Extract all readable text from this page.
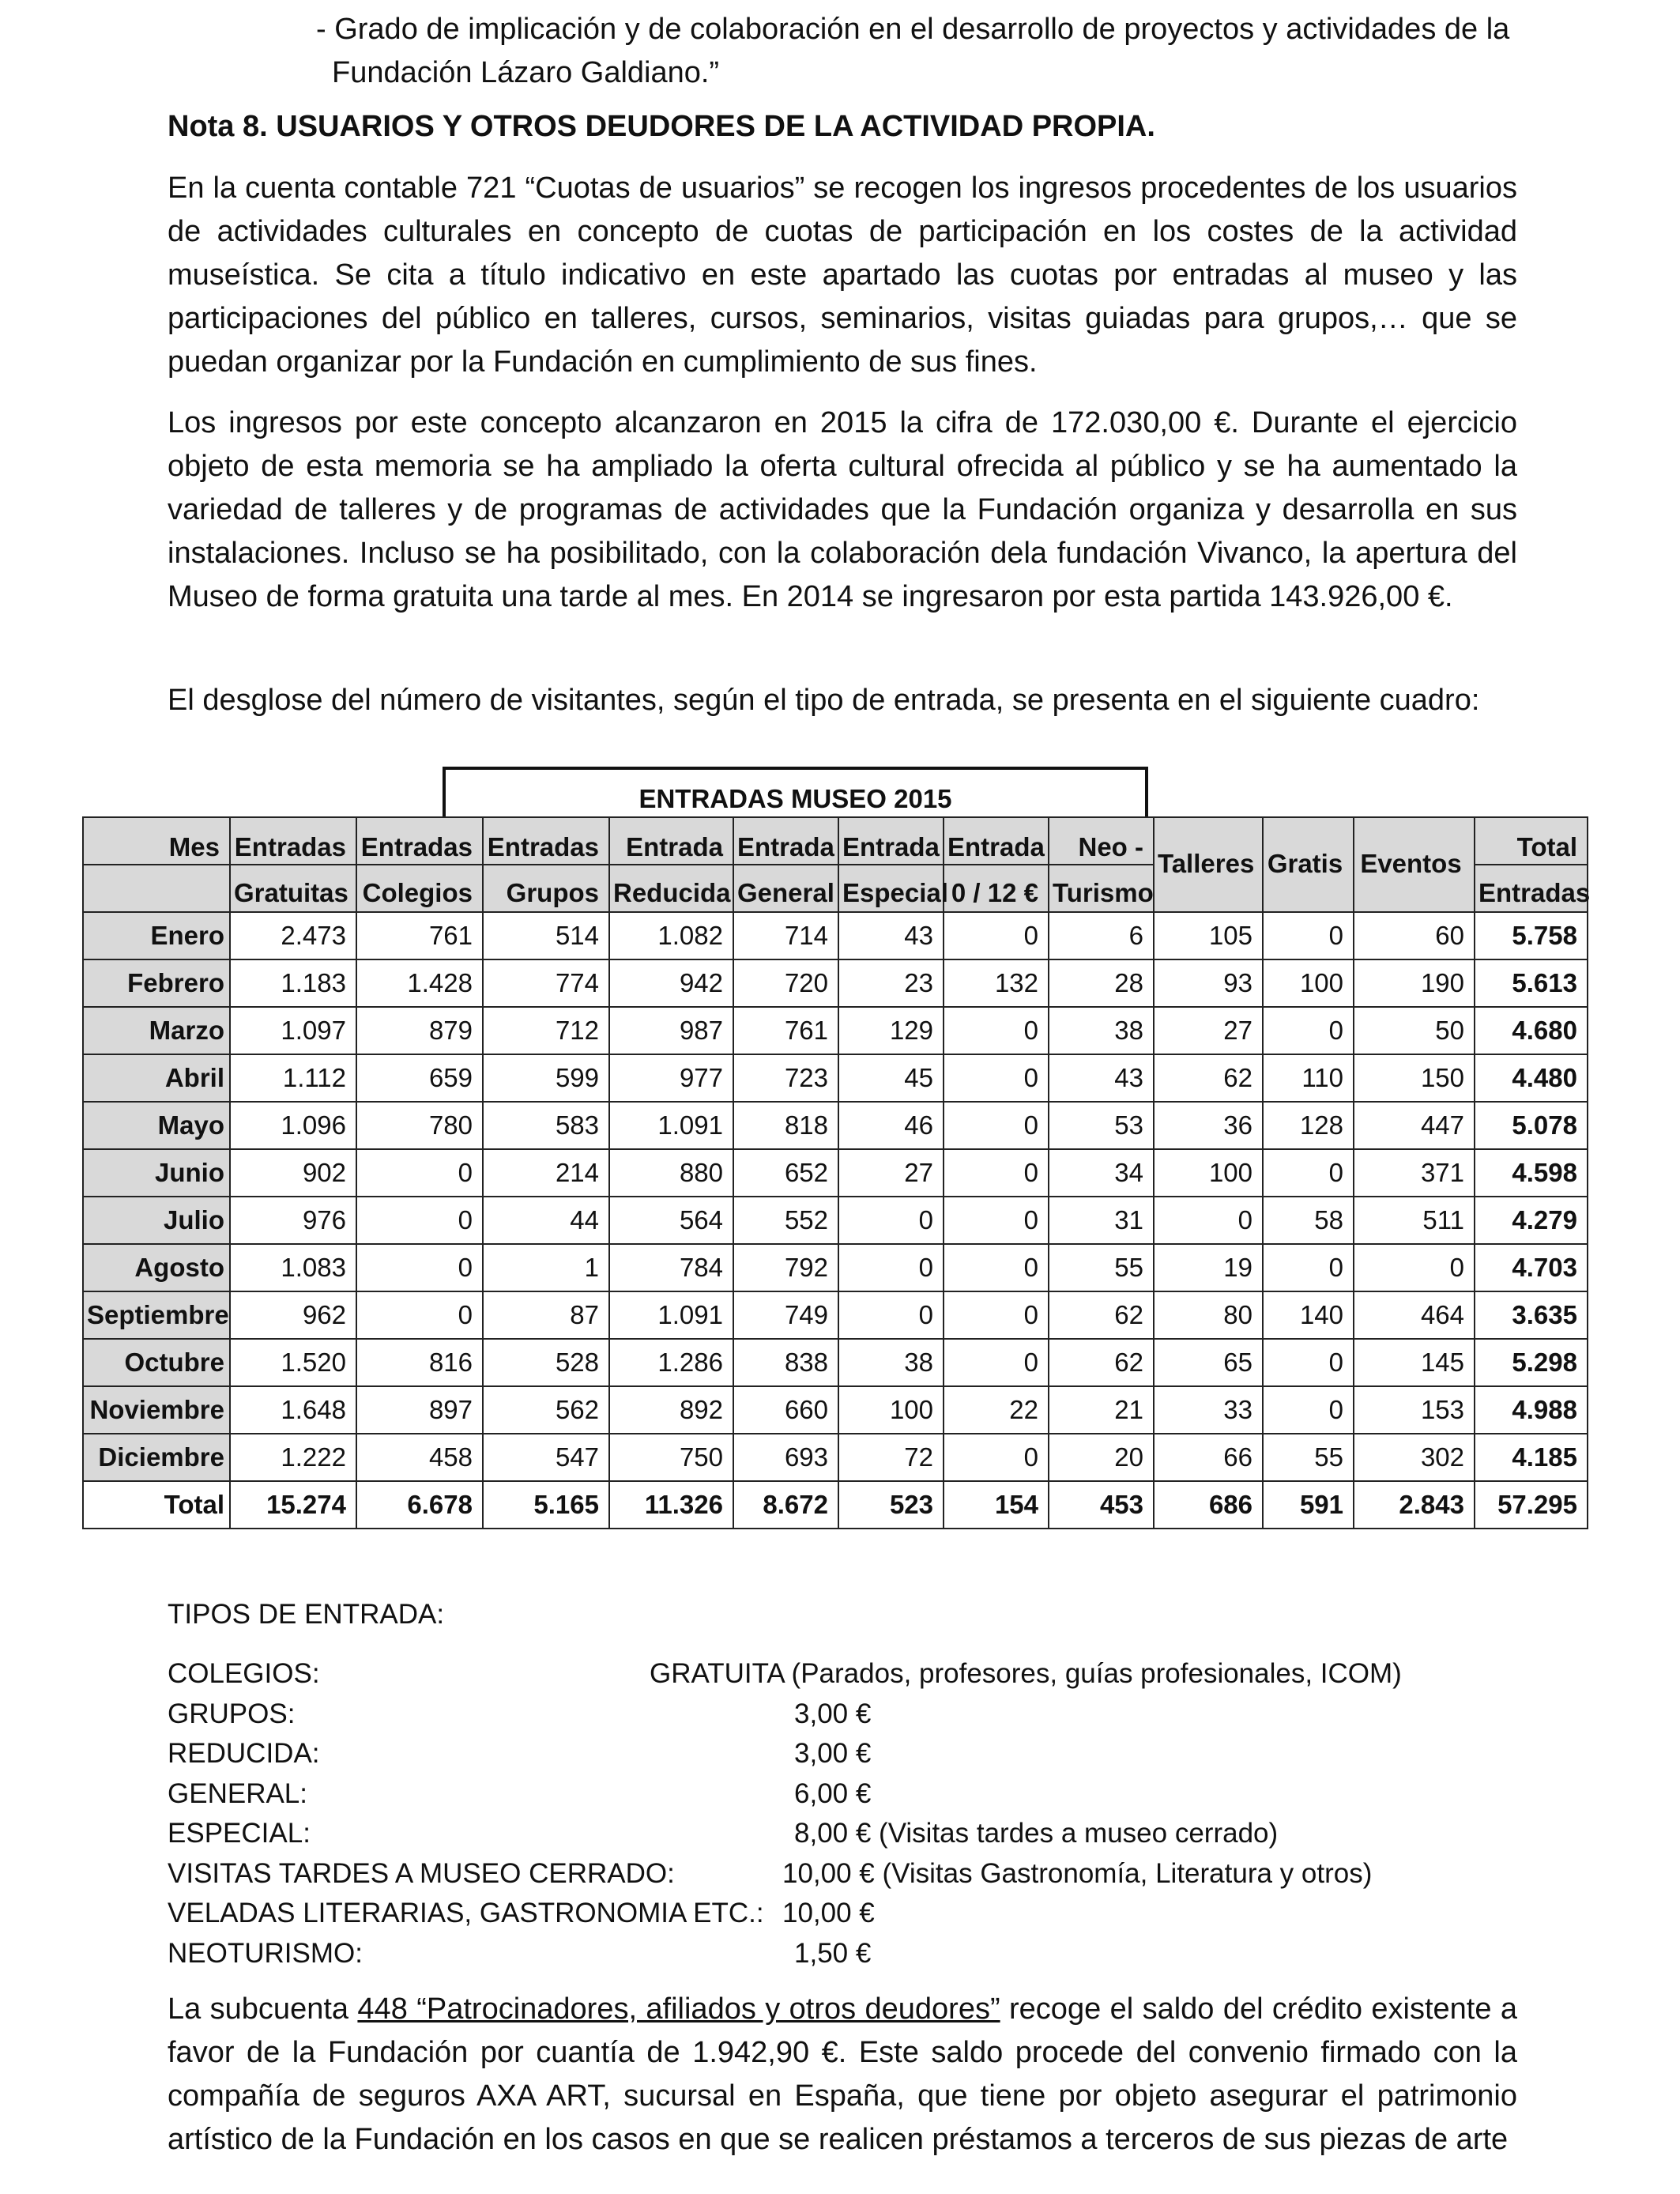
- Grado de implicación y de colaboración en el desarrollo de proyectos y actividades de la
Fundación Lázaro Galdiano.”
Nota 8. USUARIOS Y OTROS DEUDORES DE LA ACTIVIDAD PROPIA.
En la cuenta contable 721 “Cuotas de usuarios” se recogen los ingresos procedentes de los usuarios de actividades culturales en concepto de cuotas de participación en los costes de la actividad museística. Se cita a título indicativo en este apartado las cuotas por entradas al museo y las participaciones del público en talleres, cursos, seminarios, visitas guiadas para grupos,… que se puedan organizar por la Fundación en cumplimiento de sus fines.
Los ingresos por este concepto alcanzaron en 2015 la cifra de 172.030,00 €. Durante el ejercicio objeto de esta memoria se ha ampliado la oferta cultural ofrecida al público y se ha aumentado la variedad de talleres y de programas de actividades que la Fundación organiza y desarrolla en sus instalaciones. Incluso se ha posibilitado, con la colaboración dela fundación Vivanco, la apertura del Museo de forma gratuita una tarde al mes. En 2014 se ingresaron por esta partida 143.926,00 €.
El desglose del número de visitantes, según el tipo de entrada, se presenta en el siguiente cuadro:
ENTRADAS MUSEO 2015
Mes	Entradas	Entradas	Entradas	Entrada	Entrada	Entrada	Entrada	Neo -	Talleres	Gratis	Eventos	Total
	Gratuitas	Colegios	Grupos	Reducida	General	Especial	0 / 12 €	Turismo				Entradas
Enero	2.473	761	514	1.082	714	43	0	6	105	0	60	5.758
Febrero	1.183	1.428	774	942	720	23	132	28	93	100	190	5.613
Marzo	1.097	879	712	987	761	129	0	38	27	0	50	4.680
Abril	1.112	659	599	977	723	45	0	43	62	110	150	4.480
Mayo	1.096	780	583	1.091	818	46	0	53	36	128	447	5.078
Junio	902	0	214	880	652	27	0	34	100	0	371	4.598
Julio	976	0	44	564	552	0	0	31	0	58	511	4.279
Agosto	1.083	0	1	784	792	0	0	55	19	0	0	4.703
Septiembre	962	0	87	1.091	749	0	0	62	80	140	464	3.635
Octubre	1.520	816	528	1.286	838	38	0	62	65	0	145	5.298
Noviembre	1.648	897	562	892	660	100	22	21	33	0	153	4.988
Diciembre	1.222	458	547	750	693	72	0	20	66	55	302	4.185
Total	15.274	6.678	5.165	11.326	8.672	523	154	453	686	591	2.843	57.295
TIPOS DE ENTRADA:
COLEGIOS:	GRATUITA (Parados, profesores, guías profesionales, ICOM)
GRUPOS:	3,00 €
REDUCIDA:	3,00 €
GENERAL:	6,00 €
ESPECIAL:	8,00 € (Visitas tardes a museo cerrado)
VISITAS TARDES A MUSEO CERRADO:	10,00 € (Visitas Gastronomía, Literatura y otros)
VELADAS LITERARIAS, GASTRONOMIA ETC.: 10,00 €
NEOTURISMO:	1,50 €
La subcuenta 448 “Patrocinadores, afiliados y otros deudores” recoge el saldo del crédito existente a favor de la Fundación por cuantía de 1.942,90 €. Este saldo procede del convenio firmado con la compañía de seguros AXA ART, sucursal en España, que tiene por objeto asegurar el patrimonio artístico de la Fundación en los casos en que se realicen préstamos a terceros de sus piezas de arte
